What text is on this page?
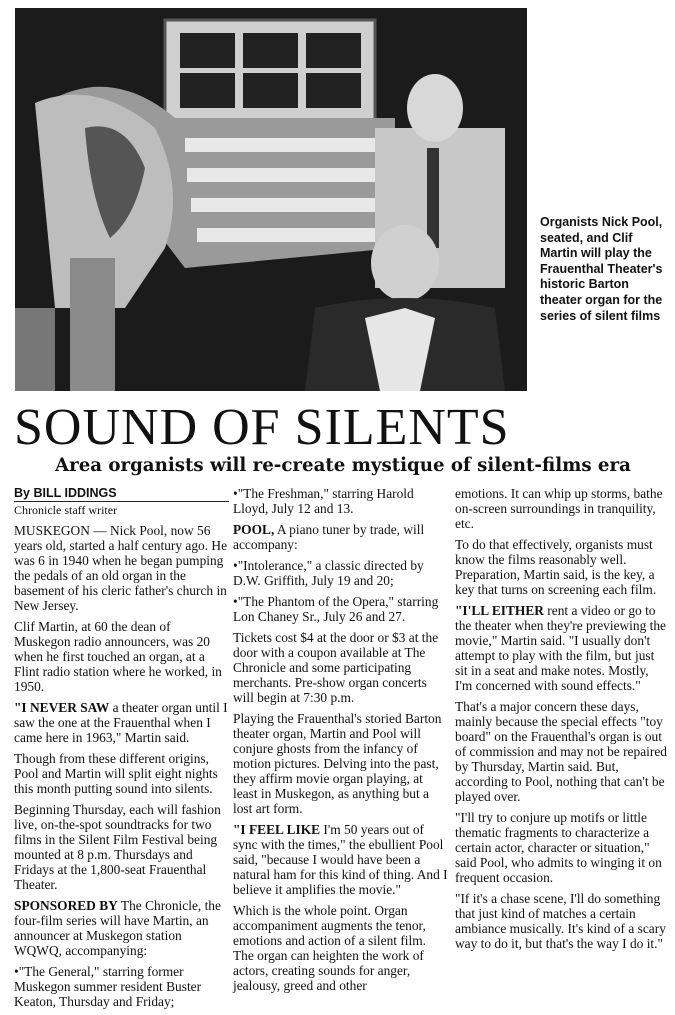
Organists Nick Pool, seated, and Clif Martin will play the Frauenthal Theater's historic Barton theater organ for the series of silent films
SOUND OF SILENTS
Area organists will re-create mystique of silent-films era
By BILL IDDINGS
Chronicle staff writer

MUSKEGON — Nick Pool, now 56 years old, started a half century ago. He was 6 in 1940 when he began pumping the pedals of an old organ in the basement of his cleric father's church in New Jersey.

Clif Martin, at 60 the dean of Muskegon radio announcers, was 20 when he first touched an organ, at a Flint radio station where he worked, in 1950.

"I NEVER SAW a theater organ until I saw the one at the Frauenthal when I came here in 1963," Martin said.

Though from these different origins, Pool and Martin will split eight nights this month putting sound into silents.

Beginning Thursday, each will fashion live, on-the-spot soundtracks for two films in the Silent Film Festival being mounted at 8 p.m. Thursdays and Fridays at the 1,800-seat Frauenthal Theater.

SPONSORED BY The Chronicle, the four-film series will have Martin, an announcer at Muskegon station WQWQ, accompanying:

•"The General," starring former Muskegon summer resident Buster Keaton, Thursday and Friday;

•"The Freshman," starring Harold Lloyd, July 12 and 13.

POOL, A piano tuner by trade, will accompany:

•"Intolerance," a classic directed by D.W. Griffith, July 19 and 20;

•"The Phantom of the Opera," starring Lon Chaney Sr., July 26 and 27.

Tickets cost $4 at the door or $3 at the door with a coupon available at The Chronicle and some participating merchants. Pre-show organ concerts will begin at 7:30 p.m.

Playing the Frauenthal's storied Barton theater organ, Martin and Pool will conjure ghosts from the infancy of motion pictures. Delving into the past, they affirm movie organ playing, at least in Muskegon, as anything but a lost art form.

"I FEEL LIKE I'm 50 years out of sync with the times," the ebullient Pool said, "because I would have been a natural ham for this kind of thing. And I believe it amplifies the movie."

Which is the whole point. Organ accompaniment augments the tenor, emotions and action of a silent film. The organ can heighten the work of actors, creating sounds for anger, jealousy, greed and other

emotions. It can whip up storms, bathe on-screen surroundings in tranquility, etc.

To do that effectively, organists must know the films reasonably well. Preparation, Martin said, is the key, a key that turns on screening each film.

"I'LL EITHER rent a video or go to the theater when they're previewing the movie," Martin said. "I usually don't attempt to play with the film, but just sit in a seat and make notes. Mostly, I'm concerned with sound effects."

That's a major concern these days, mainly because the special effects "toy board" on the Frauenthal's organ is out of commission and may not be repaired by Thursday, Martin said. But, according to Pool, nothing that can't be played over.

"I'll try to conjure up motifs or little thematic fragments to characterize a certain actor, character or situation," said Pool, who admits to winging it on frequent occasion.

"If it's a chase scene, I'll do something that just kind of matches a certain ambiance musically. It's kind of a scary way to do it, but that's the way I do it."
